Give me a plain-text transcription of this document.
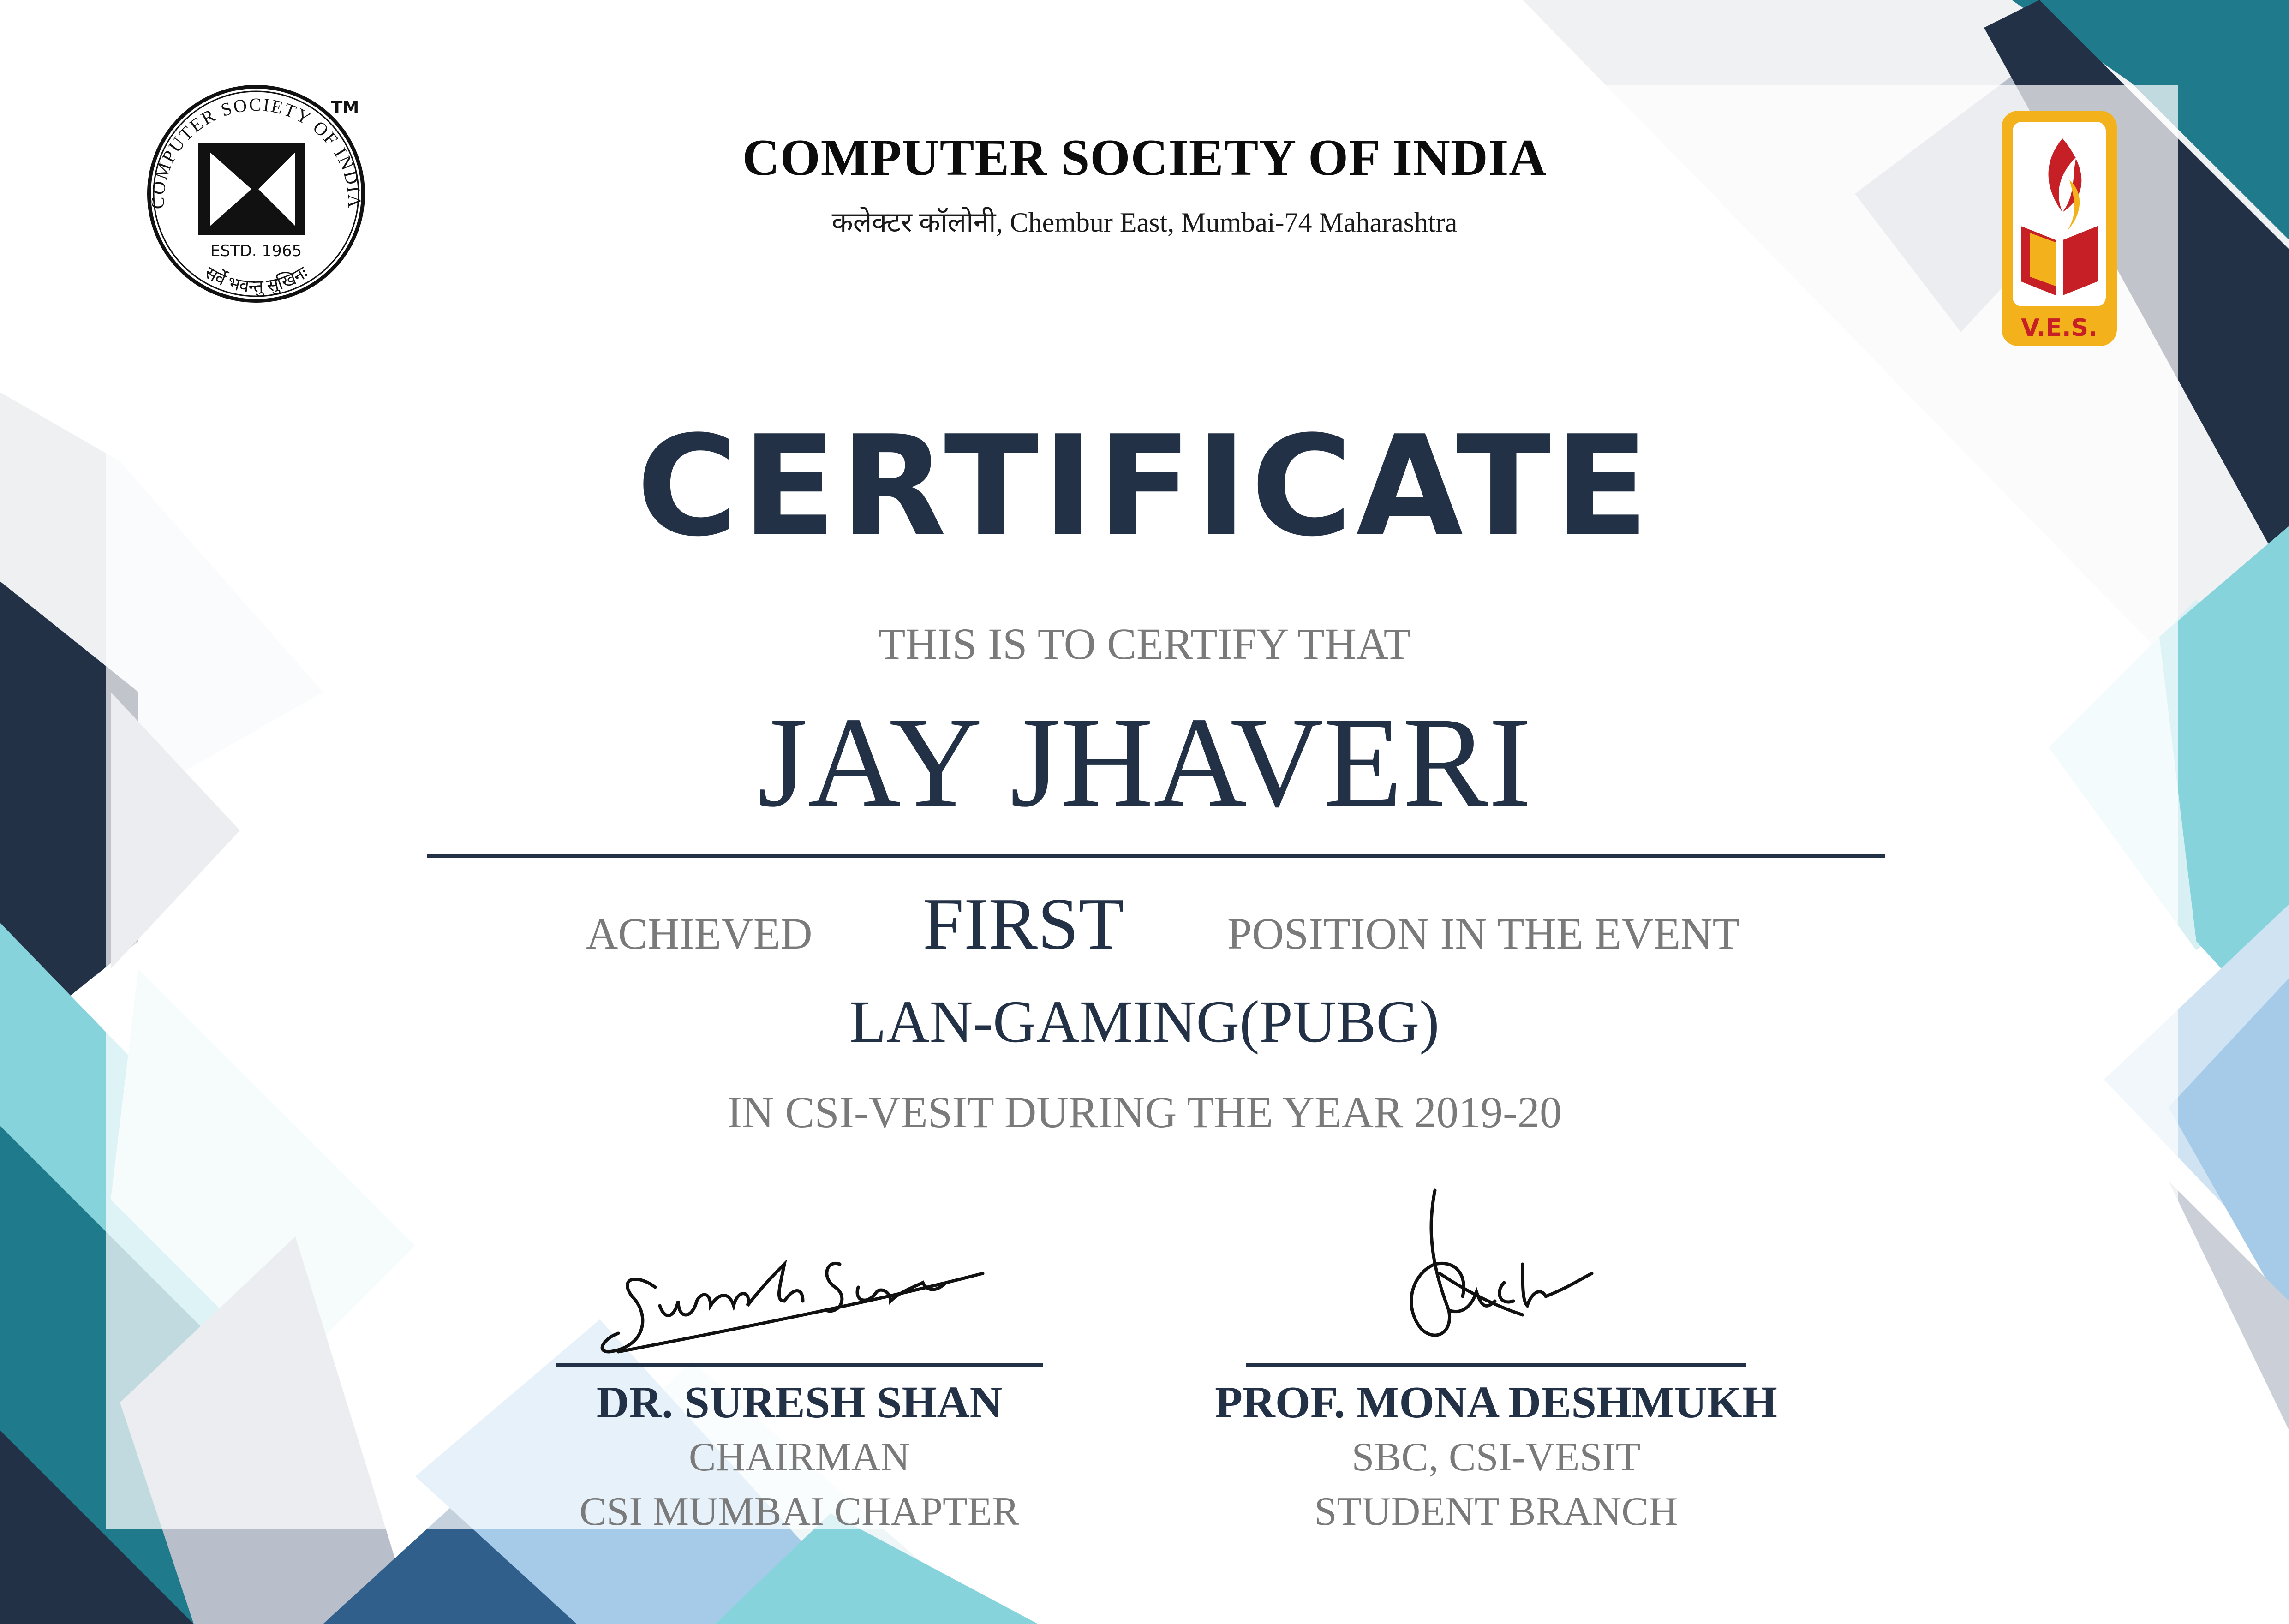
COMPUTER SOCIETY OF INDIA
सर्वे भवन्तु सुखिनः
ESTD. 1965
TM
V.E.S.
COMPUTER SOCIETY OF INDIA
कलेक्टर कॉलोनी, Chembur East, Mumbai-74 Maharashtra
CERTIFICATE
THIS IS TO CERTIFY THAT
JAY JHAVERI
ACHIEVED FIRST POSITION IN THE EVENT
LAN-GAMING(PUBG)
IN CSI-VESIT DURING THE YEAR 2019-20
DR. SURESH SHAN
CHAIRMAN
CSI MUMBAI CHAPTER
PROF. MONA DESHMUKH
SBC, CSI-VESIT
STUDENT BRANCH
